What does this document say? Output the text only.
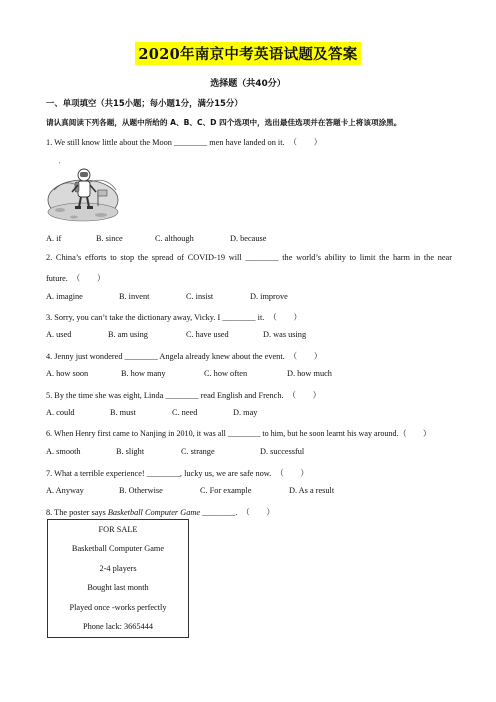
2020年南京中考英语试题及答案
选择题（共40分）
一、单项填空（共15小题；每小题1分，满分15分）
请认真阅读下列各题，从题中所给的 A、B、C、D 四个选项中，选出最佳选项并在答题卡上将该项涂黑。
1. We still know little about the Moon ________ men have landed on it.　（　　）
'
A. if	B. since	C. although	D. because
2. China’s efforts to stop the spread of COVID-19 will ________ the world’s ability to limit the harm in the near
future.　（　　）
A. imagine	B. invent	C. insist	D. improve
3. Sorry, you can’t take the dictionary away, Vicky. I ________ it.　（　　）
A. used	B. am using	C. have used	D. was using
4. Jenny just wondered ________ Angela already knew about the event.　（　　）
A. how soon	B. how many	C. how often	D. how much
5. By the time she was eight, Linda ________ read English and French.　（　　）
A. could	B. must	C. need	D. may
6. When Henry first came to Nanjing in 2010, it was all ________ to him, but he soon learnt his way around.（　　）
A. smooth	B. slight	C. strange	D. successful
7. What a terrible experience! ________, lucky us, we are safe now.　（　　）
A. Anyway	B. Otherwise	C. For example	D. As a result
8. The poster says Basketball Computer Game ________.　（　　）
FOR SALE
Basketball Computer Game
2-4 players
Bought last month
Played once -works perfectly
Phone lack: 3665444
